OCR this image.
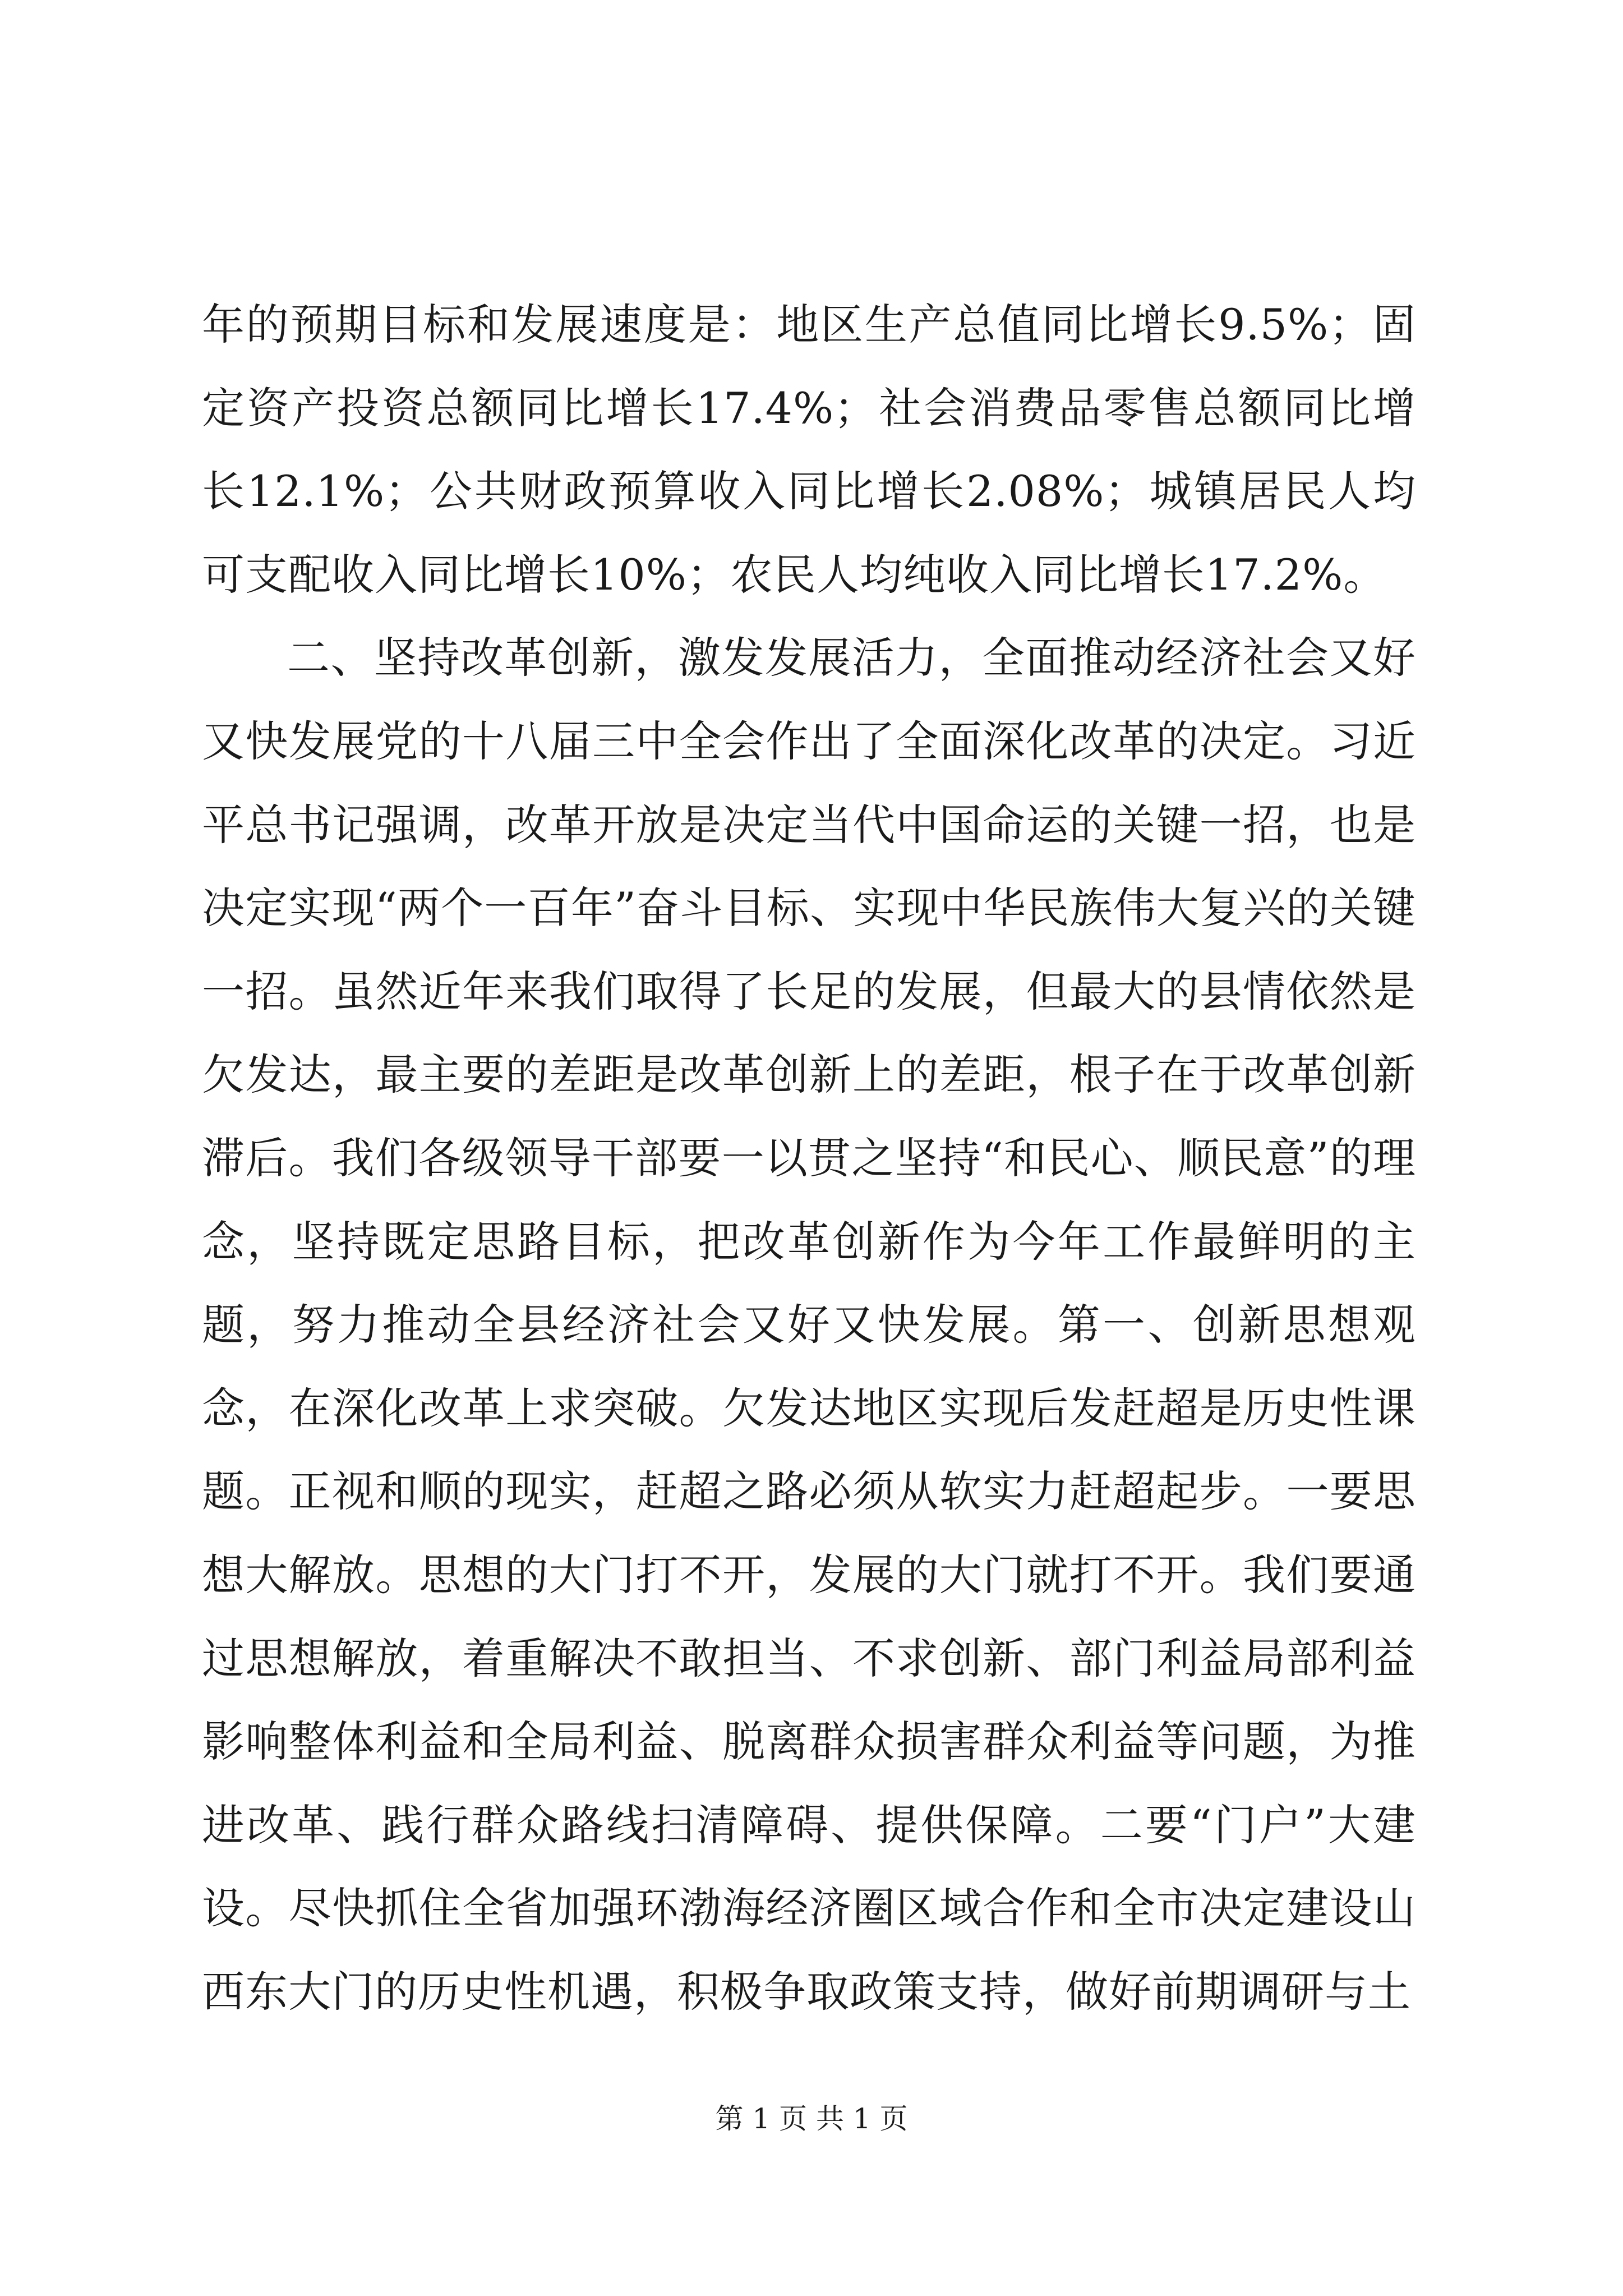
年的预期目标和发展速度是：地区生产总值同比增长9.5%；固定资产投资总额同比增长17.4%；社会消费品零售总额同比增长12.1%；公共财政预算收入同比增长2.08%；城镇居民人均可支配收入同比增长10%；农民人均纯收入同比增长17.2%。

二、坚持改革创新，激发发展活力，全面推动经济社会又好又快发展党的十八届三中全会作出了全面深化改革的决定。习近平总书记强调，改革开放是决定当代中国命运的关键一招，也是决定实现“两个一百年”奋斗目标、实现中华民族伟大复兴的关键一招。虽然近年来我们取得了长足的发展，但最大的县情依然是欠发达，最主要的差距是改革创新上的差距，根子在于改革创新滞后。我们各级领导干部要一以贯之坚持“和民心、顺民意”的理念，坚持既定思路目标，把改革创新作为今年工作最鲜明的主题，努力推动全县经济社会又好又快发展。第一、创新思想观念，在深化改革上求突破。欠发达地区实现后发赶超是历史性课题。正视和顺的现实，赶超之路必须从软实力赶超起步。一要思想大解放。思想的大门打不开，发展的大门就打不开。我们要通过思想解放，着重解决不敢担当、不求创新、部门利益局部利益影响整体利益和全局利益、脱离群众损害群众利益等问题，为推进改革、践行群众路线扫清障碍、提供保障。二要“门户”大建设。尽快抓住全省加强环渤海经济圈区域合作和全市决定建设山西东大门的历史性机遇，积极争取政策支持，做好前期调研与土

第 1 页 共 1 页
